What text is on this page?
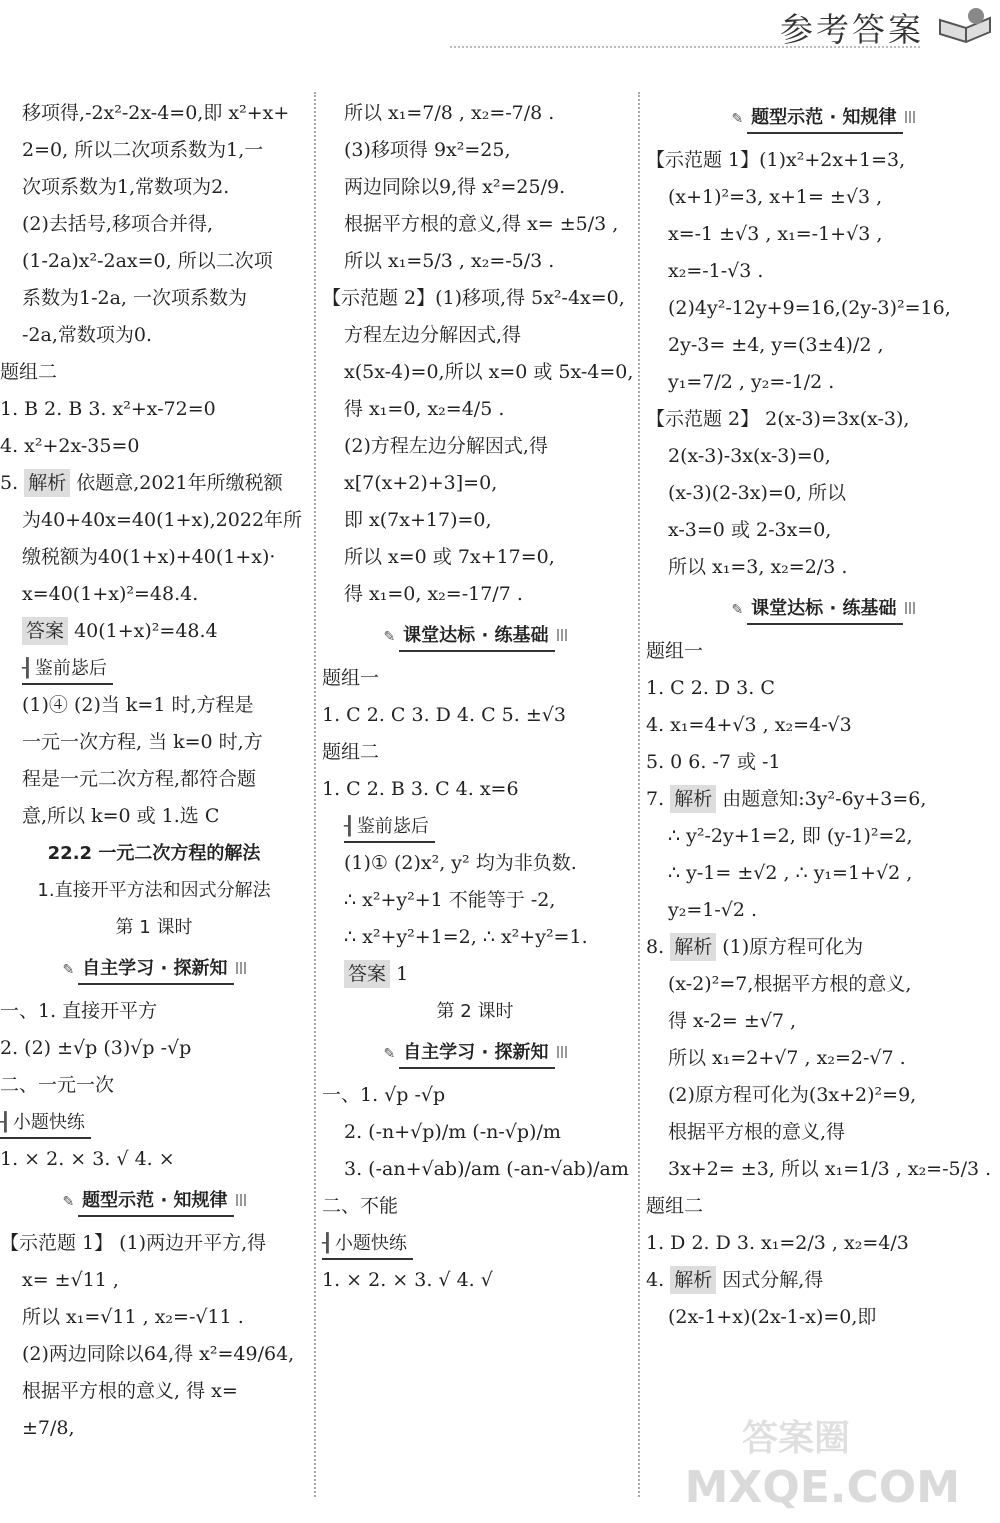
参考答案
移项得,-2x²-2x-4=0,即 x²+x+
2=0, 所以二次项系数为1,一
次项系数为1,常数项为2.
(2)去括号,移项合并得,
(1-2a)x²-2ax=0, 所以二次项
系数为1-2a, 一次项系数为
-2a,常数项为0.
题组二
1. B 2. B 3. x²+x-72=0
4. x²+2x-35=0
5. 解析 依题意,2021年所缴税额
为40+40x=40(1+x),2022年所
缴税额为40(1+x)+40(1+x)·
x=40(1+x)²=48.4.
答案 40(1+x)²=48.4
┨ 鉴前毖后
(1)④ (2)当 k=1 时,方程是
一元一次方程, 当 k=0 时,方
程是一元二次方程,都符合题
意,所以 k=0 或 1.选 C
22.2 一元二次方程的解法
1.直接开平方法和因式分解法
第 1 课时
✎ 自主学习 · 探新知
一、1. 直接开平方
2. (2) ±√p (3)√p -√p
二、一元一次
┨ 小题快练
1. × 2. × 3. √ 4. ×
✎ 题型示范 · 知规律
【示范题 1】 (1)两边开平方,得
x= ±√11 ,
所以 x₁=√11 , x₂=-√11 .
(2)两边同除以64,得 x²=49/64,
根据平方根的意义, 得 x=
±7/8,
所以 x₁=7/8 , x₂=-7/8 .
(3)移项得 9x²=25,
两边同除以9,得 x²=25/9.
根据平方根的意义,得 x= ±5/3 ,
所以 x₁=5/3 , x₂=-5/3 .
【示范题 2】(1)移项,得 5x²-4x=0,
方程左边分解因式,得
x(5x-4)=0,所以 x=0 或 5x-4=0,
得 x₁=0, x₂=4/5 .
(2)方程左边分解因式,得
x[7(x+2)+3]=0,
即 x(7x+17)=0,
所以 x=0 或 7x+17=0,
得 x₁=0, x₂=-17/7 .
✎ 课堂达标 · 练基础
题组一
1. C 2. C 3. D 4. C 5. ±√3
题组二
1. C 2. B 3. C 4. x=6
┨ 鉴前毖后
(1)① (2)x², y² 均为非负数.
∴ x²+y²+1 不能等于 -2,
∴ x²+y²+1=2, ∴ x²+y²=1.
答案 1
第 2 课时
✎ 自主学习 · 探新知
一、1. √p -√p
2. (-n+√p)/m (-n-√p)/m
3. (-an+√ab)/am (-an-√ab)/am
二、不能
┨ 小题快练
1. × 2. × 3. √ 4. √
✎ 题型示范 · 知规律
【示范题 1】(1)x²+2x+1=3,
(x+1)²=3, x+1= ±√3 ,
x=-1 ±√3 , x₁=-1+√3 ,
x₂=-1-√3 .
(2)4y²-12y+9=16,(2y-3)²=16,
2y-3= ±4, y=(3±4)/2 ,
y₁=7/2 , y₂=-1/2 .
【示范题 2】 2(x-3)=3x(x-3),
2(x-3)-3x(x-3)=0,
(x-3)(2-3x)=0, 所以
x-3=0 或 2-3x=0,
所以 x₁=3, x₂=2/3 .
✎ 课堂达标 · 练基础
题组一
1. C 2. D 3. C
4. x₁=4+√3 , x₂=4-√3
5. 0 6. -7 或 -1
7. 解析 由题意知:3y²-6y+3=6,
∴ y²-2y+1=2, 即 (y-1)²=2,
∴ y-1= ±√2 , ∴ y₁=1+√2 ,
y₂=1-√2 .
8. 解析 (1)原方程可化为
(x-2)²=7,根据平方根的意义,
得 x-2= ±√7 ,
所以 x₁=2+√7 , x₂=2-√7 .
(2)原方程可化为(3x+2)²=9,
根据平方根的意义,得
3x+2= ±3, 所以 x₁=1/3 , x₂=-5/3 .
题组二
1. D 2. D 3. x₁=2/3 , x₂=4/3
4. 解析 因式分解,得
(2x-1+x)(2x-1-x)=0,即
答案圈
MXQE.COM
